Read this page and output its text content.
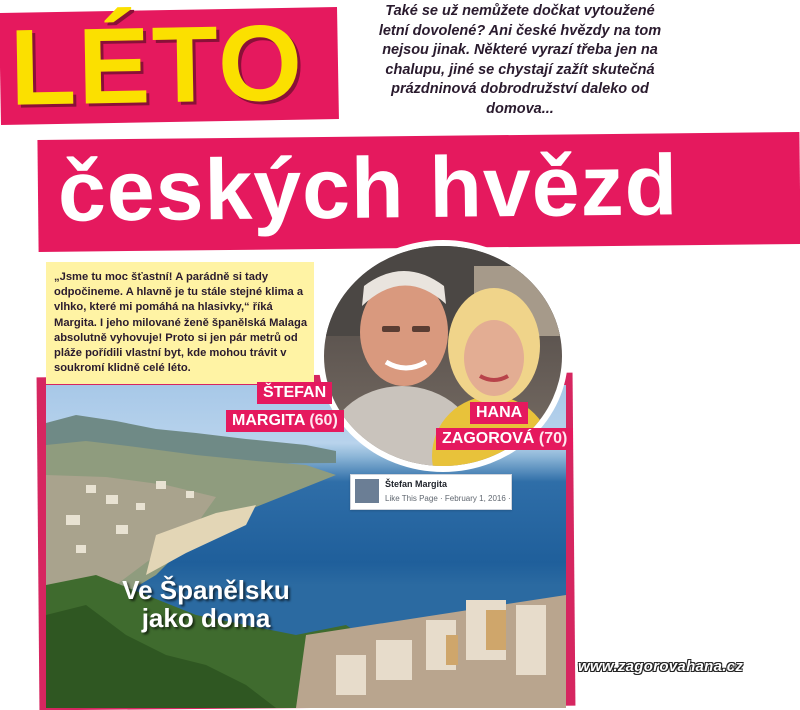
LÉTO	Také se už nemůžete dočkat vytoužené letní dovolené? Ani české hvězdy na tom nejsou jinak. Některé vyrazí třeba jen na chalupu, jiné se chystají zažít skutečná prázdninová dobrodružství daleko od domova...
českých hvězd
„Jsme tu moc šťastní! A parádně si tady odpočineme. A hlavně je tu stále stejné klima a vlhko, které mi pomáhá na hlasivky,“ říká Margita. I jeho milované ženě španělská Malaga absolutně vyhovuje! Proto si jen pár metrů od pláže pořídili vlastní byt, kde mohou trávit v soukromí klidně celé léto.
ŠTEFAN
MARGITA (60)	HANA
ZAGOROVÁ (70)
Štefan Margita
Like This Page · February 1, 2016 ·
Ve Španělsku
jako doma
www.zagorovahana.cz
